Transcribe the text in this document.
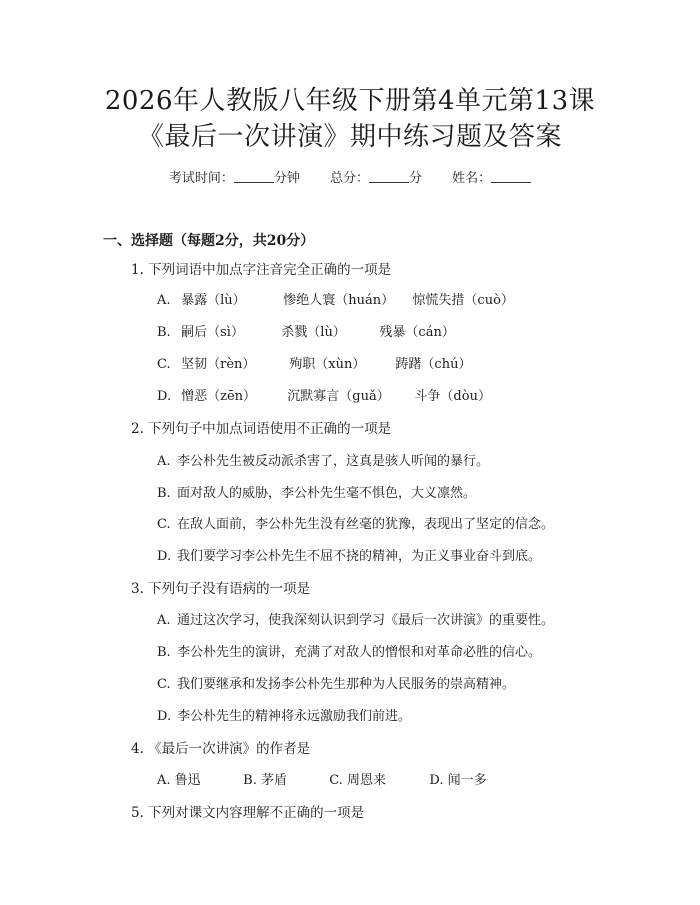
2026年人教版八年级下册第4单元第13课
《最后一次讲演》期中练习题及答案
考试时间：	分钟 总分：	分 姓名：
一、选择题（每题2分，共20分）
1. 下列词语中加点字注音完全正确的一项是
A. 暴露（lù）	惨绝人寰（huán） 惊慌失措（cuò）
B. 嗣后（sì）	杀戮（lù）	残暴（cán）
C. 坚韧（rèn）	殉职（xùn） 踌躇（chú）
D. 憎恶（zēn） 沉默寡言（guǎ） 斗争（dòu）
2. 下列句子中加点词语使用不正确的一项是
A. 李公朴先生被反动派杀害了，这真是骇人听闻的暴行。
B. 面对敌人的威胁，李公朴先生毫不惧色，大义凛然。
C. 在敌人面前，李公朴先生没有丝毫的犹豫，表现出了坚定的信念。
D. 我们要学习李公朴先生不屈不挠的精神，为正义事业奋斗到底。
3. 下列句子没有语病的一项是
A. 通过这次学习，使我深刻认识到学习《最后一次讲演》的重要性。
B. 李公朴先生的演讲，充满了对敌人的憎恨和对革命必胜的信心。
C. 我们要继承和发扬李公朴先生那种为人民服务的崇高精神。
D. 李公朴先生的精神将永远激励我们前进。
4. 《最后一次讲演》的作者是
A. 鲁迅	B. 茅盾	C. 周恩来	D. 闻一多
5. 下列对课文内容理解不正确的一项是
